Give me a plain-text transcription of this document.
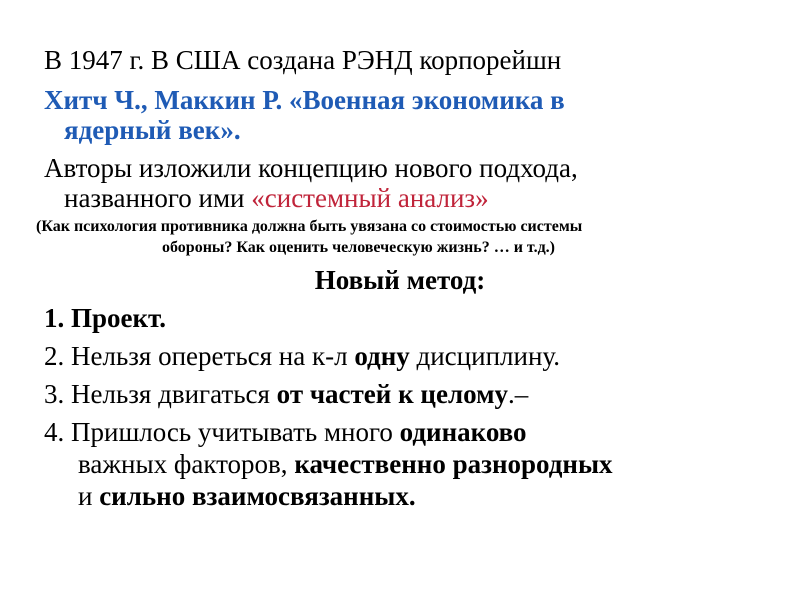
В 1947 г. В США создана РЭНД корпорейшн
Хитч Ч., Маккин Р. «Военная экономика в
ядерный век».
Авторы изложили концепцию нового подхода,
названного ими «системный анализ»
(Как психология противника должна быть увязана со стоимостью системы
обороны? Как оценить человеческую жизнь? … и т.д.)
Новый метод:
1. Проект.
2. Нельзя опереться на к-л одну дисциплину.
3. Нельзя двигаться от частей к целому.–
4. Пришлось учитывать много одинаково
важных факторов, качественно разнородных
и сильно взаимосвязанных.
